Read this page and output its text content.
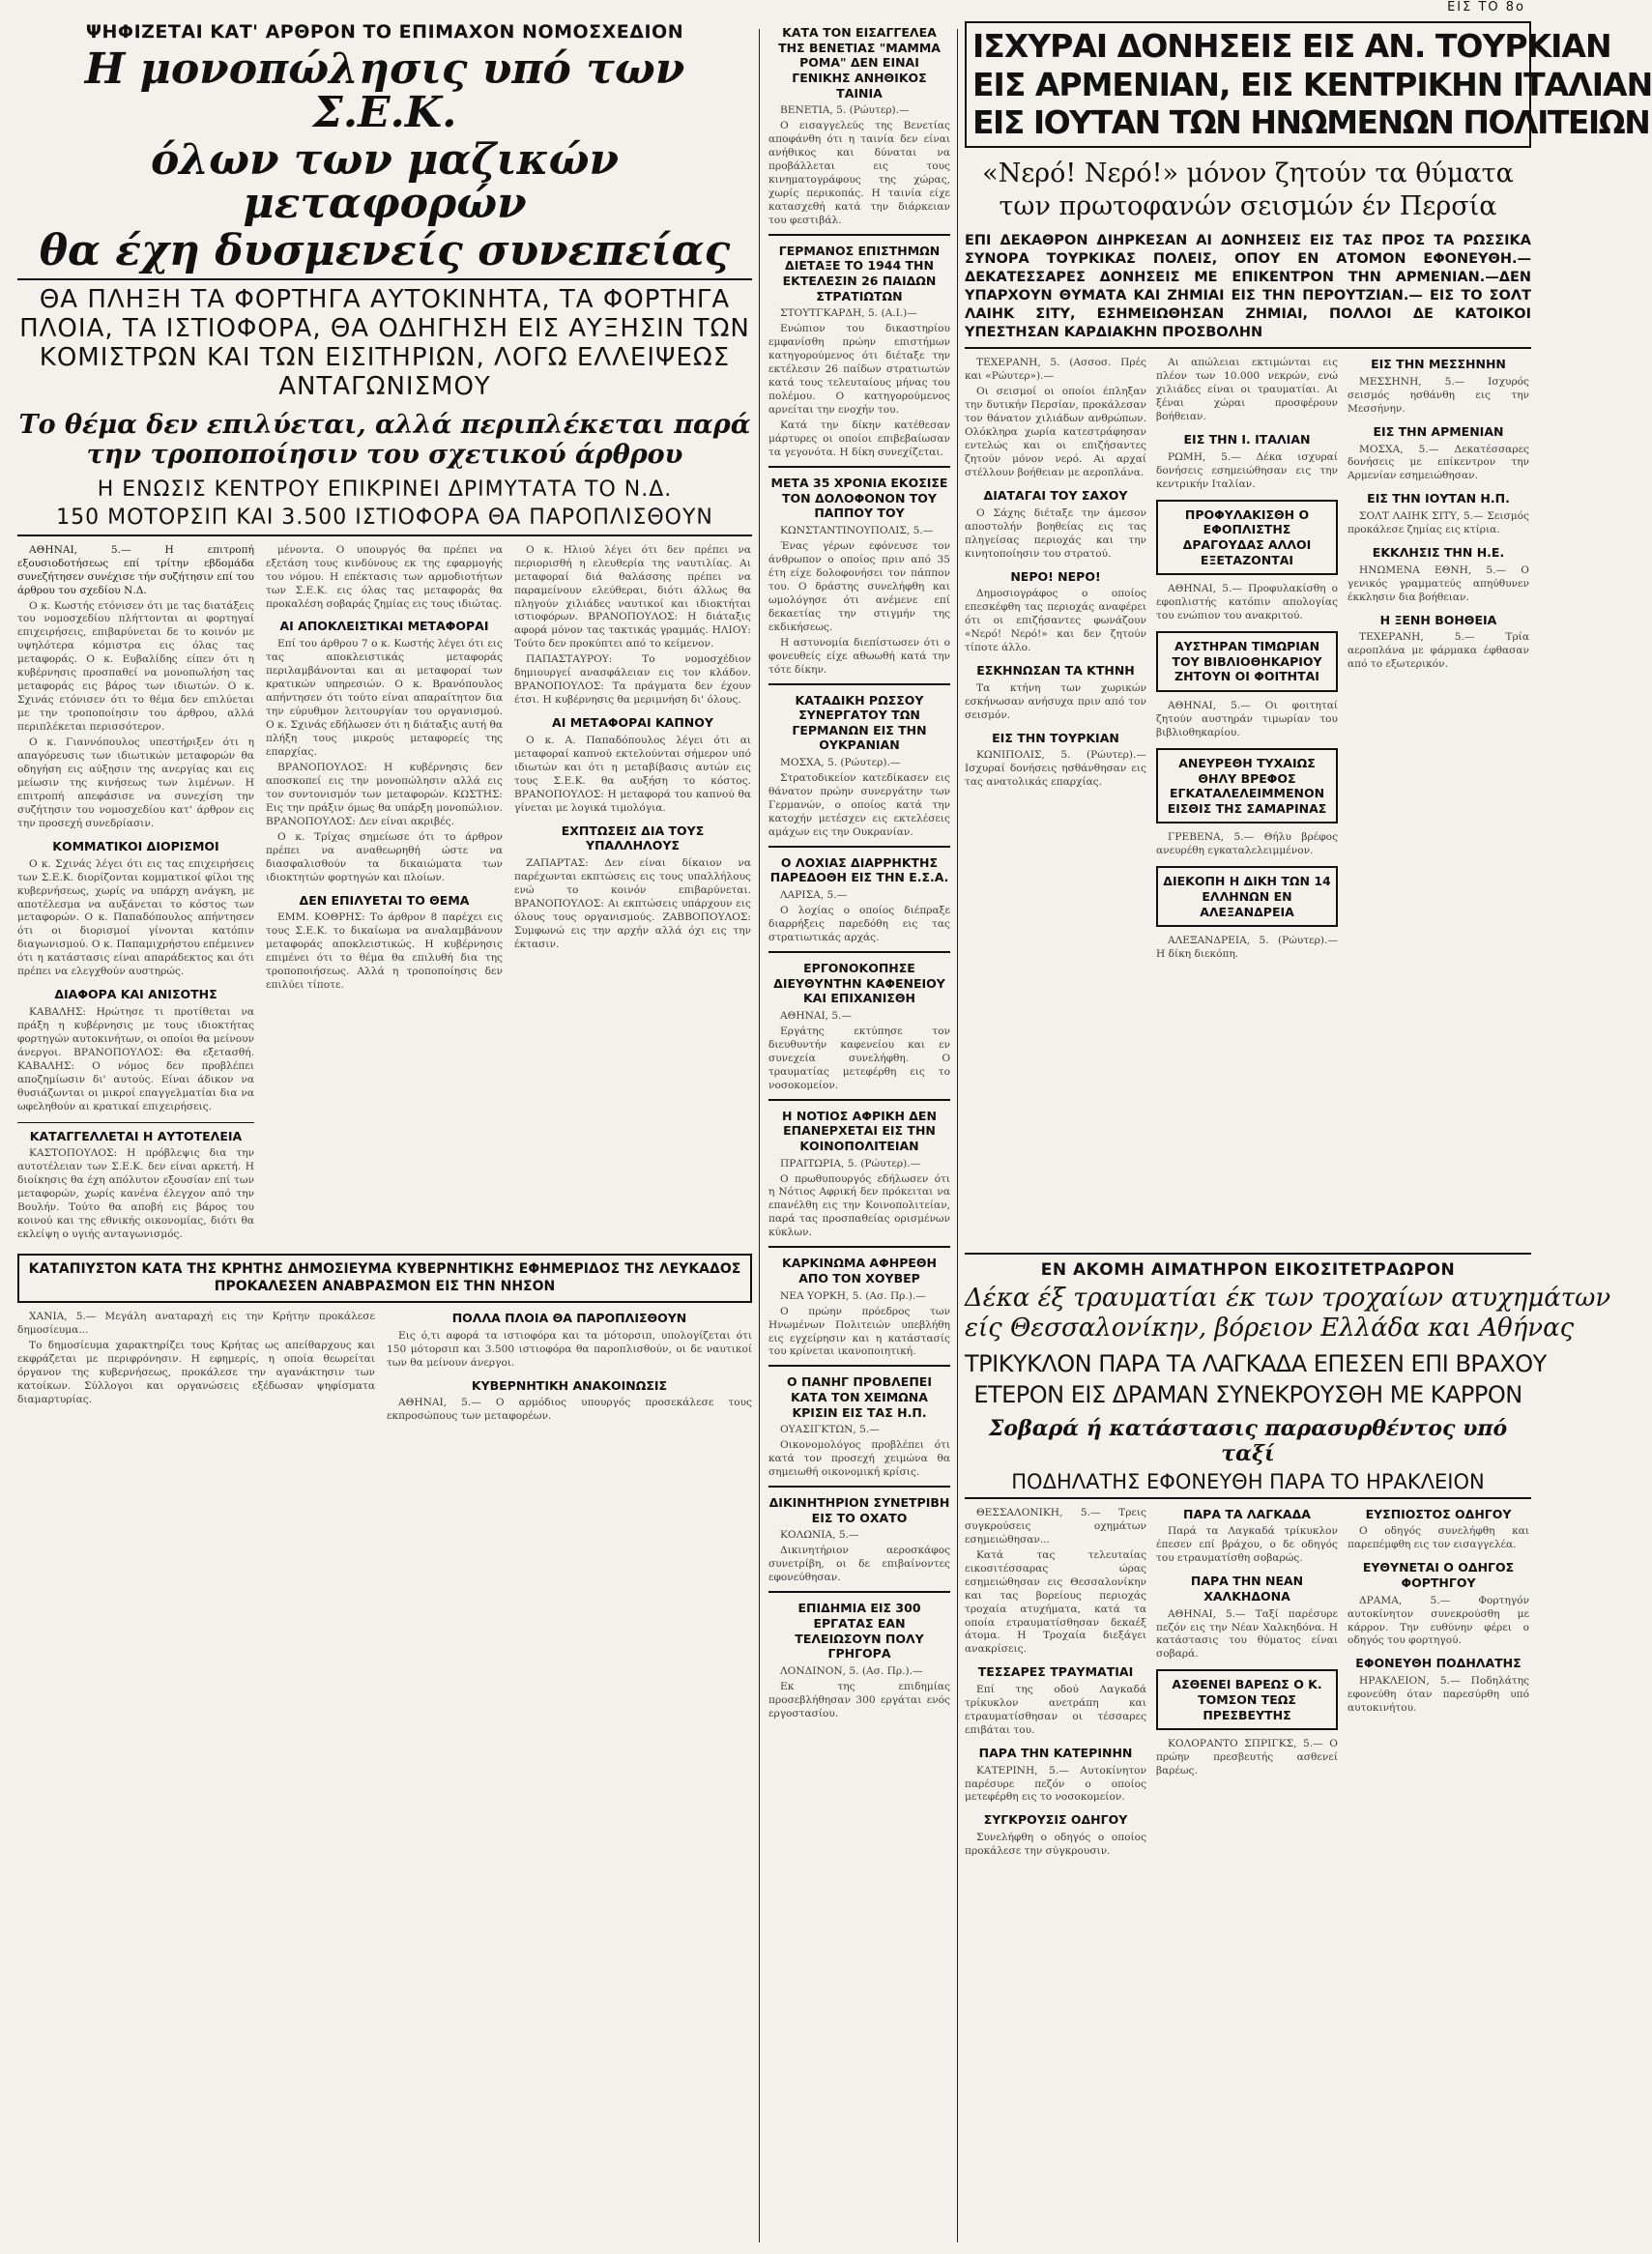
ΕΙΣ ΤΟ 8ο
ΨΗΦΙΖΕΤΑΙ ΚΑΤ' ΑΡΘΡΟΝ ΤΟ ΕΠΙΜΑΧΟΝ ΝΟΜΟΣΧΕΔΙΟΝ
Η μονοπώλησις υπό των Σ.Ε.Κ.
όλων των μαζικών μεταφορών
θα έχη δυσμενείς συνεπείας
ΘΑ ΠΛΗΞΗ ΤΑ ΦΟΡΤΗΓΑ ΑΥΤΟΚΙΝΗΤΑ, ΤΑ ΦΟΡΤΗΓΑ ΠΛΟΙΑ, ΤΑ ΙΣΤΙΟΦΟΡΑ, ΘΑ ΟΔΗΓΗΣΗ ΕΙΣ ΑΥΞΗΣΙΝ ΤΩΝ ΚΟΜΙΣΤΡΩΝ ΚΑΙ ΤΩΝ ΕΙΣΙΤΗΡΙΩΝ, ΛΟΓΩ ΕΛΛΕΙΨΕΩΣ ΑΝΤΑΓΩΝΙΣΜΟΥ
Το θέμα δεν επιλύεται, αλλά περιπλέκεται παρά την τροποποίησιν του σχετικού άρθρου
Η ΕΝΩΣΙΣ ΚΕΝΤΡΟΥ ΕΠΙΚΡΙΝΕΙ ΔΡΙΜΥΤΑΤΑ ΤΟ Ν.Δ.
150 ΜΟΤΟΡΣΙΠ ΚΑΙ 3.500 ΙΣΤΙΟΦΟΡΑ ΘΑ ΠΑΡΟΠΛΙΣΘΟΥΝ

ΑΘΗΝΑΙ, 5.— Η επιτροπή εξουσιοδοτήσεως επί τρίτην εβδομάδα συνεζήτησεν συνέχισε τήν συζήτησιν επί του άρθρου του σχεδίου Ν.Δ.

Ο κ. Κωστής ετόνισεν ότι με τας διατάξεις του νομοσχεδίου πλήττονται αι φορτηγαί επιχειρήσεις, επιβαρύνεται δε το κοινόν με υψηλότερα κόμιστρα εις όλας τας μεταφοράς. Ο κ. Ευβαλίδης είπεν ότι η κυβέρνησις προσπαθεί να μονοπωλήση τας μεταφοράς εις βάρος των ιδιωτών. Ο κ. Σχινάς ετόνισεν ότι το θέμα δεν επιλύεται με την τροποποίησιν του άρθρου, αλλά περιπλέκεται περισσότερον.

Ο κ. Γιαννόπουλος υπεστήριξεν ότι η απαγόρευσις των ιδιωτικών μεταφορών θα οδηγήση εις αύξησιν της ανεργίας και εις μείωσιν της κινήσεως των λιμένων. Η επιτροπή απεφάσισε να συνεχίση την συζήτησιν του νομοσχεδίου κατ' άρθρον εις την προσεχή συνεδρίασιν.

ΚΟΜΜΑΤΙΚΟΙ ΔΙΟΡΙΣΜΟΙ

Ο κ. Σχινάς λέγει ότι εις τας επιχειρήσεις των Σ.Ε.Κ. διορίζονται κομματικοί φίλοι της κυβερνήσεως, χωρίς να υπάρχη ανάγκη, με αποτέλεσμα να αυξάνεται το κόστος των μεταφορών. Ο κ. Παπαδόπουλος απήντησεν ότι οι διορισμοί γίνονται κατόπιν διαγωνισμού. Ο κ. Παπαμιχρήστου επέμεινεν ότι η κατάστασις είναι απαράδεκτος και ότι πρέπει να ελεγχθούν αυστηρώς.

ΔΙΑΦΟΡΑ ΚΑΙ ΑΝΙΣΟΤΗΣ

ΚΑΒΑΛΗΣ: Ηρώτησε τι προτίθεται να πράξη η κυβέρνησις με τους ιδιοκτήτας φορτηγών αυτοκινήτων, οι οποίοι θα μείνουν άνεργοι. ΒΡΑΝΟΠΟΥΛΟΣ: Θα εξετασθή. ΚΑΒΑΛΗΣ: Ο νόμος δεν προβλέπει αποζημίωσιν δι' αυτούς. Είναι άδικον να θυσιάζωνται οι μικροί επαγγελματίαι δια να ωφεληθούν αι κρατικαί επιχειρήσεις.

ΚΑΤΑΓΓΕΛΛΕΤΑΙ Η ΑΥΤΟΤΕΛΕΙΑ

ΚΑΣΤΟΠΟΥΛΟΣ: Η πρόβλεψις δια την αυτοτέλειαν των Σ.Ε.Κ. δεν είναι αρκετή. Η διοίκησις θα έχη απόλυτον εξουσίαν επί των μεταφορών, χωρίς κανένα έλεγχον από την Βουλήν. Τούτο θα αποβή εις βάρος του κοινού και της εθνικής οικονομίας, διότι θα εκλείψη ο υγιής ανταγωνισμός.

μένοντα. Ο υπουργός θα πρέπει να εξετάση τους κινδύνους εκ της εφαρμογής του νόμου. Η επέκτασις των αρμοδιοτήτων των Σ.Ε.Κ. εις όλας τας μεταφοράς θα προκαλέση σοβαράς ζημίας εις τους ιδιώτας.

ΑΙ ΑΠΟΚΛΕΙΣΤΙΚΑΙ ΜΕΤΑΦΟΡΑΙ

Επί του άρθρου 7 ο κ. Κωστής λέγει ότι εις τας αποκλειστικάς μεταφοράς περιλαμβάνονται και αι μεταφοραί των κρατικών υπηρεσιών. Ο κ. Βρανόπουλος απήντησεν ότι τούτο είναι απαραίτητον δια την εύρυθμον λειτουργίαν του οργανισμού. Ο κ. Σχινάς εδήλωσεν ότι η διάταξις αυτή θα πλήξη τους μικρούς μεταφορείς της επαρχίας.

ΒΡΑΝΟΠΟΥΛΟΣ: Η κυβέρνησις δεν αποσκοπεί εις την μονοπώλησιν αλλά εις τον συντονισμόν των μεταφορών. ΚΩΣΤΗΣ: Εις την πράξιν όμως θα υπάρξη μονοπώλιον. ΒΡΑΝΟΠΟΥΛΟΣ: Δεν είναι ακριβές.

Ο κ. Τρίχας σημείωσε ότι το άρθρον πρέπει να αναθεωρηθή ώστε να διασφαλισθούν τα δικαιώματα των ιδιοκτητών φορτηγών και πλοίων.

ΔΕΝ ΕΠΙΛΥΕΤΑΙ ΤΟ ΘΕΜΑ

ΕΜΜ. ΚΟΘΡΗΣ: Το άρθρον 8 παρέχει εις τους Σ.Ε.Κ. το δικαίωμα να αναλαμβάνουν μεταφοράς αποκλειστικώς. Η κυβέρνησις επιμένει ότι το θέμα θα επιλυθή δια της τροποποιήσεως. Αλλά η τροποποίησις δεν επιλύει τίποτε.

Ο κ. Ηλιού λέγει ότι δεν πρέπει να περιορισθή η ελευθερία της ναυτιλίας. Αι μεταφοραί διά θαλάσσης πρέπει να παραμείνουν ελεύθεραι, διότι άλλως θα πληγούν χιλιάδες ναυτικοί και ιδιοκτήται ιστιοφόρων. ΒΡΑΝΟΠΟΥΛΟΣ: Η διάταξις αφορά μόνον τας τακτικάς γραμμάς. ΗΛΙΟΥ: Τούτο δεν προκύπτει από το κείμενον.

ΠΑΠΑΣΤΑΥΡΟΥ: Το νομοσχέδιον δημιουργεί ανασφάλειαν εις τον κλάδον. ΒΡΑΝΟΠΟΥΛΟΣ: Τα πράγματα δεν έχουν έτσι. Η κυβέρνησις θα μεριμνήση δι' όλους.

ΑΙ ΜΕΤΑΦΟΡΑΙ ΚΑΠΝΟΥ

Ο κ. Α. Παπαδόπουλος λέγει ότι αι μεταφοραί καπνού εκτελούνται σήμερον υπό ιδιωτών και ότι η μεταβίβασις αυτών εις τους Σ.Ε.Κ. θα αυξήση το κόστος. ΒΡΑΝΟΠΟΥΛΟΣ: Η μεταφορά του καπνού θα γίνεται με λογικά τιμολόγια.

ΕΧΠΤΩΣΕΙΣ ΔΙΑ ΤΟΥΣ ΥΠΑΛΛΗΛΟΥΣ

ΖΑΠΑΡΤΑΣ: Δεν είναι δίκαιον να παρέχωνται εκπτώσεις εις τους υπαλλήλους ενώ το κοινόν επιβαρύνεται. ΒΡΑΝΟΠΟΥΛΟΣ: Αι εκπτώσεις υπάρχουν εις όλους τους οργανισμούς. ΖΑΒΒΟΠΟΥΛΟΣ: Συμφωνώ εις την αρχήν αλλά όχι εις την έκτασιν.

ΚΑΤΑΠΙΥΣΤΟΝ ΚΑΤΑ ΤΗΣ ΚΡΗΤΗΣ ΔΗΜΟΣΙΕΥΜΑ ΚΥΒΕΡΝΗΤΙΚΗΣ ΕΦΗΜΕΡΙΔΟΣ ΤΗΣ ΛΕΥΚΑΔΟΣ ΠΡΟΚΑΛΕΣΕΝ ΑΝΑΒΡΑΣΜΟΝ ΕΙΣ ΤΗΝ ΝΗΣΟΝ

ΧΑΝΙΑ, 5.— Μεγάλη αναταραχή εις την Κρήτην προκάλεσε δημοσίευμα...

Το δημοσίευμα χαρακτηρίζει τους Κρήτας ως απείθαρχους και εκφράζεται με περιφρόνησιν. Η εφημερίς, η οποία θεωρείται όργανον της κυβερνήσεως, προκάλεσε την αγανάκτησιν των κατοίκων. Σύλλογοι και οργανώσεις εξέδωσαν ψηφίσματα διαμαρτυρίας.

ΠΟΛΛΑ ΠΛΟΙΑ ΘΑ ΠΑΡΟΠΛΙΣΘΟΥΝ

Εις ό,τι αφορά τα ιστιοφόρα και τα μότορσιπ, υπολογίζεται ότι 150 μότορσιπ και 3.500 ιστιοφόρα θα παροπλισθούν, οι δε ναυτικοί των θα μείνουν άνεργοι.

ΚΥΒΕΡΝΗΤΙΚΗ ΑΝΑΚΟΙΝΩΣΙΣ

ΑΘΗΝΑΙ, 5.— Ο αρμόδιος υπουργός προσεκάλεσε τους εκπροσώπους των μεταφορέων.

ΚΑΤΑ ΤΟΝ ΕΙΣΑΓΓΕΛΕΑ ΤΗΣ ΒΕΝΕΤΙΑΣ "ΜΑΜΜΑ ΡΟΜΑ" ΔΕΝ ΕΙΝΑΙ ΓΕΝΙΚΗΣ ΑΝΗΘΙΚΟΣ ΤΑΙΝΙΑ

ΒΕΝΕΤΙΑ, 5. (Ρώυτερ).—

Ο εισαγγελεύς της Βενετίας αποφάνθη ότι η ταινία δεν είναι ανήθικος και δύναται να προβάλλεται εις τους κινηματογράφους της χώρας, χωρίς περικοπάς. Η ταινία είχε κατασχεθή κατά την διάρκειαν του φεστιβάλ.

ΓΕΡΜΑΝΟΣ ΕΠΙΣΤΗΜΩΝ ΔΙΕΤΑΞΕ ΤΟ 1944 ΤΗΝ ΕΚΤΕΛΕΣΙΝ 26 ΠΑΙΔΩΝ ΣΤΡΑΤΙΩΤΩΝ

ΣΤΟΥΤΓΚΑΡΔΗ, 5. (Α.Ι.)—

Ενώπιον του δικαστηρίου εμφανίσθη πρώην επιστήμων κατηγορούμενος ότι διέταξε την εκτέλεσιν 26 παίδων στρατιωτών κατά τους τελευταίους μήνας του πολέμου. Ο κατηγορούμενος αρνείται την ενοχήν του.

Κατά την δίκην κατέθεσαν μάρτυρες οι οποίοι επιβεβαίωσαν τα γεγονότα. Η δίκη συνεχίζεται.

ΜΕΤΑ 35 ΧΡΟΝΙΑ ΕΚΟΣΙΣΕ ΤΟΝ ΔΟΛΟΦΟΝΟΝ ΤΟΥ ΠΑΠΠΟΥ ΤΟΥ

ΚΩΝΣΤΑΝΤΙΝΟΥΠΟΛΙΣ, 5.—

Ένας γέρων εφόνευσε τον άνθρωπον ο οποίος πριν από 35 έτη είχε δολοφονήσει τον πάππον του. Ο δράστης συνελήφθη και ωμολόγησε ότι ανέμενε επί δεκαετίας την στιγμήν της εκδικήσεως.

Η αστυνομία διεπίστωσεν ότι ο φονευθείς είχε αθωωθή κατά την τότε δίκην.

ΚΑΤΑΔΙΚΗ ΡΩΣΣΟΥ ΣΥΝΕΡΓΑΤΟΥ ΤΩΝ ΓΕΡΜΑΝΩΝ ΕΙΣ ΤΗΝ ΟΥΚΡΑΝΙΑΝ

ΜΟΣΧΑ, 5. (Ρώυτερ).—

Στρατοδικείον κατεδίκασεν εις θάνατον πρώην συνεργάτην των Γερμανών, ο οποίος κατά την κατοχήν μετέσχεν εις εκτελέσεις αμάχων εις την Ουκρανίαν.

Ο ΛΟΧΙΑΣ ΔΙΑΡΡΗΚΤΗΣ ΠΑΡΕΔΟΘΗ ΕΙΣ ΤΗΝ Ε.Σ.Α.

ΛΑΡΙΣΑ, 5.—

Ο λοχίας ο οποίος διέπραξε διαρρήξεις παρεδόθη εις τας στρατιωτικάς αρχάς.

ΕΡΓΟΝΟΚΟΠΗΣΕ ΔΙΕΥΘΥΝΤΗΝ ΚΑΦΕΝΕΙΟΥ ΚΑΙ ΕΠΙΧΑΝΙΣΘΗ

ΑΘΗΝΑΙ, 5.—

Εργάτης εκτύπησε τον διευθυντήν καφενείου και εν συνεχεία συνελήφθη. Ο τραυματίας μετεφέρθη εις το νοσοκομείον.

Η ΝΟΤΙΟΣ ΑΦΡΙΚΗ ΔΕΝ ΕΠΑΝΕΡΧΕΤΑΙ ΕΙΣ ΤΗΝ ΚΟΙΝΟΠΟΛΙΤΕΙΑΝ

ΠΡΑΙΤΩΡΙΑ, 5. (Ρώυτερ).—

Ο πρωθυπουργός εδήλωσεν ότι η Νότιος Αφρική δεν πρόκειται να επανέλθη εις την Κοινοπολιτείαν, παρά τας προσπαθείας ορισμένων κύκλων.

ΚΑΡΚΙΝΩΜΑ ΑΦΗΡΕΘΗ ΑΠΟ ΤΟΝ ΧΟΥΒΕΡ

ΝΕΑ ΥΟΡΚΗ, 5. (Ασ. Πρ.).—

Ο πρώην πρόεδρος των Ηνωμένων Πολιτειών υπεβλήθη εις εγχείρησιν και η κατάστασίς του κρίνεται ικανοποιητική.

Ο ΠΑΝΗΓ ΠΡΟΒΛΕΠΕΙ ΚΑΤΑ ΤΟΝ ΧΕΙΜΩΝΑ ΚΡΙΣΙΝ ΕΙΣ ΤΑΣ Η.Π.

ΟΥΑΣΙΓΚΤΩΝ, 5.—

Οικονομολόγος προβλέπει ότι κατά τον προσεχή χειμώνα θα σημειωθή οικονομική κρίσις.

ΔΙΚΙΝΗΤΗΡΙΟΝ ΣΥΝΕΤΡΙΒΗ ΕΙΣ ΤΟ ΟΧΑΤΟ

ΚΟΛΩΝΙΑ, 5.—

Δικινητήριον αεροσκάφος συνετρίβη, οι δε επιβαίνοντες εφονεύθησαν.

ΕΠΙΔΗΜΙΑ ΕΙΣ 300 ΕΡΓΑΤΑΣ ΕΑΝ ΤΕΛΕΙΩΣΟΥΝ ΠΟΛΥ ΓΡΗΓΟΡΑ

ΛΟΝΔΙΝΟΝ, 5. (Ασ. Πρ.).—

Εκ της επιδημίας προσεβλήθησαν 300 εργάται ενός εργοστασίου.

ΙΣΧΥΡΑΙ ΔΟΝΗΣΕΙΣ ΕΙΣ ΑΝ. ΤΟΥΡΚΙΑΝ
ΕΙΣ ΑΡΜΕΝΙΑΝ, ΕΙΣ ΚΕΝΤΡΙΚΗΝ ΙΤΑΛΙΑΝ
ΕΙΣ ΙΟΥΤΑΝ ΤΩΝ ΗΝΩΜΕΝΩΝ ΠΟΛΙΤΕΙΩΝ
«Νερό! Νερό!» μόνον ζητούν τα θύματα των πρωτοφανών σεισμών έν Περσία
ΕΠΙ ΔΕΚΑΘΡΟΝ ΔΙΗΡΚΕΣΑΝ ΑΙ ΔΟΝΗΣΕΙΣ ΕΙΣ ΤΑΣ ΠΡΟΣ ΤΑ ΡΩΣΣΙΚΑ ΣΥΝΟΡΑ ΤΟΥΡΚΙΚΑΣ ΠΟΛΕΙΣ, ΟΠΟΥ ΕΝ ΑΤΟΜΟΝ ΕΦΟΝΕΥΘΗ.— ΔΕΚΑΤΕΣΣΑΡΕΣ ΔΟΝΗΣΕΙΣ ΜΕ ΕΠΙΚΕΝΤΡΟΝ ΤΗΝ ΑΡΜΕΝΙΑΝ.—ΔΕΝ ΥΠΑΡΧΟΥΝ ΘΥΜΑΤΑ ΚΑΙ ΖΗΜΙΑΙ ΕΙΣ ΤΗΝ ΠΕΡΟΥΤΖΙΑΝ.— ΕΙΣ ΤΟ ΣΟΛΤ ΛΑΙΗΚ ΣΙΤΥ, ΕΣΗΜΕΙΩΘΗΣΑΝ ΖΗΜΙΑΙ, ΠΟΛΛΟΙ ΔΕ ΚΑΤΟΙΚΟΙ ΥΠΕΣΤΗΣΑΝ ΚΑΡΔΙΑΚΗΝ ΠΡΟΣΒΟΛΗΝ

ΤΕΧΕΡΑΝΗ, 5. (Ασσοσ. Πρές και «Ρώυτερ»).—

Οι σεισμοί οι οποίοι έπληξαν την δυτικήν Περσίαν, προκάλεσαν τον θάνατον χιλιάδων ανθρώπων. Ολόκληρα χωρία κατεστράφησαν εντελώς και οι επιζήσαντες ζητούν μόνον νερό. Αι αρχαί στέλλουν βοήθειαν με αεροπλάνα.

ΔΙΑΤΑΓΑΙ ΤΟΥ ΣΑΧΟΥ

Ο Σάχης διέταξε την άμεσον αποστολήν βοηθείας εις τας πληγείσας περιοχάς και την κινητοποίησιν του στρατού.

ΝΕΡΟ! ΝΕΡΟ!

Δημοσιογράφος ο οποίος επεσκέφθη τας περιοχάς αναφέρει ότι οι επιζήσαντες φωνάζουν «Νερό! Νερό!» και δεν ζητούν τίποτε άλλο.

ΕΣΚΗΝΩΣΑΝ ΤΑ ΚΤΗΝΗ

Τα κτήνη των χωρικών εσκήνωσαν ανήσυχα πριν από τον σεισμόν.

ΕΙΣ ΤΗΝ ΤΟΥΡΚΙΑΝ

ΚΩΝΙΠΟΛΙΣ, 5. (Ρώυτερ).— Ισχυραί δονήσεις ησθάνθησαν εις τας ανατολικάς επαρχίας.

Αι απώλειαι εκτιμώνται εις πλέον των 10.000 νεκρών, ενώ χιλιάδες είναι οι τραυματίαι. Αι ξέναι χώραι προσφέρουν βοήθειαν.

ΕΙΣ ΤΗΝ Ι. ΙΤΑΛΙΑΝ

ΡΩΜΗ, 5.— Δέκα ισχυραί δονήσεις εσημειώθησαν εις την κεντρικήν Ιταλίαν.

ΠΡΟΦΥΛΑΚΙΣΘΗ Ο ΕΦΟΠΛΙΣΤΗΣ ΔΡΑΓΟΥΔΑΣ ΑΛΛΟΙ ΕΞΕΤΑΖΟΝΤΑΙ

ΑΘΗΝΑΙ, 5.— Προφυλακίσθη ο εφοπλιστής κατόπιν απολογίας του ενώπιον του ανακριτού.

ΑΥΣΤΗΡΑΝ ΤΙΜΩΡΙΑΝ ΤΟΥ ΒΙΒΛΙΟΘΗΚΑΡΙΟΥ ΖΗΤΟΥΝ ΟΙ ΦΟΙΤΗΤΑΙ

ΑΘΗΝΑΙ, 5.— Οι φοιτηταί ζητούν αυστηράν τιμωρίαν του βιβλιοθηκαρίου.

ΑΝΕΥΡΕΘΗ ΤΥΧΑΙΩΣ ΘΗΛΥ ΒΡΕΦΟΣ ΕΓΚΑΤΑΛΕΛΕΙΜΜΕΝΟΝ ΕΙΣΘΙΣ ΤΗΣ ΣΑΜΑΡΙΝΑΣ

ΓΡΕΒΕΝΑ, 5.— Θήλυ βρέφος ανευρέθη εγκαταλελειμμένον.

ΔΙΕΚΟΠΗ Η ΔΙΚΗ ΤΩΝ 14 ΕΛΛΗΝΩΝ ΕΝ ΑΛΕΞΑΝΔΡΕΙΑ

ΑΛΕΞΑΝΔΡΕΙΑ, 5. (Ρώυτερ).— Η δίκη διεκόπη.

ΕΙΣ ΤΗΝ ΜΕΣΣΗΝΗΝ

ΜΕΣΣΗΝΗ, 5.— Ισχυρός σεισμός ησθάνθη εις την Μεσσήνην.

ΕΙΣ ΤΗΝ ΑΡΜΕΝΙΑΝ

ΜΟΣΧΑ, 5.— Δεκατέσσαρες δονήσεις με επίκεντρον την Αρμενίαν εσημειώθησαν.

ΕΙΣ ΤΗΝ ΙΟΥΤΑΝ Η.Π.

ΣΟΛΤ ΛΑΙΗΚ ΣΙΤΥ, 5.— Σεισμός προκάλεσε ζημίας εις κτίρια.

ΕΚΚΛΗΣΙΣ ΤΗΝ Η.Ε.

ΗΝΩΜΕΝΑ ΕΘΝΗ, 5.— Ο γενικός γραμματεύς απηύθυνεν έκκλησιν δια βοήθειαν.

Η ΞΕΝΗ ΒΟΗΘΕΙΑ

ΤΕΧΕΡΑΝΗ, 5.— Τρία αεροπλάνα με φάρμακα έφθασαν από το εξωτερικόν.

ΕΝ ΑΚΟΜΗ ΑΙΜΑΤΗΡΟΝ ΕΙΚΟΣΙΤΕΤΡΑΩΡΟΝ
Δέκα έξ τραυματίαι έκ των τροχαίων ατυχημάτων
είς Θεσσαλονίκην, βόρειον Ελλάδα και Αθήνας
ΤΡΙΚΥΚΛΟΝ ΠΑΡΑ ΤΑ ΛΑΓΚΑΔΑ ΕΠΕΣΕΝ ΕΠΙ ΒΡΑΧΟΥ
ΕΤΕΡΟΝ ΕΙΣ ΔΡΑΜΑΝ ΣΥΝΕΚΡΟΥΣΘΗ ΜΕ ΚΑΡΡΟΝ
Σοβαρά ή κατάστασις παρασυρθέντος υπό ταξί
ΠΟΔΗΛΑΤΗΣ ΕΦΟΝΕΥΘΗ ΠΑΡΑ ΤΟ ΗΡΑΚΛΕΙΟΝ

ΘΕΣΣΑΛΟΝΙΚΗ, 5.— Τρεις συγκρούσεις οχημάτων εσημειώθησαν...

Κατά τας τελευταίας εικοσιτέσσαρας ώρας εσημειώθησαν εις Θεσσαλονίκην και τας βορείους περιοχάς τροχαία ατυχήματα, κατά τα οποία ετραυματίσθησαν δεκαέξ άτομα. Η Τροχαία διεξάγει ανακρίσεις.

ΤΕΣΣΑΡΕΣ ΤΡΑΥΜΑΤΙΑΙ

Επί της οδού Λαγκαδά τρίκυκλον ανετράπη και ετραυματίσθησαν οι τέσσαρες επιβάται του.

ΠΑΡΑ ΤΗΝ ΚΑΤΕΡΙΝΗΝ

ΚΑΤΕΡΙΝΗ, 5.— Αυτοκίνητον παρέσυρε πεζόν ο οποίος μετεφέρθη εις το νοσοκομείον.

ΣΥΓΚΡΟΥΣΙΣ ΟΔΗΓΟΥ

Συνελήφθη ο οδηγός ο οποίος προκάλεσε την σύγκρουσιν.

ΠΑΡΑ ΤΑ ΛΑΓΚΑΔΑ

Παρά τα Λαγκαδά τρίκυκλον έπεσεν επί βράχου, ο δε οδηγός του ετραυματίσθη σοβαρώς.

ΠΑΡΑ ΤΗΝ ΝΕΑΝ ΧΑΛΚΗΔΟΝΑ

ΑΘΗΝΑΙ, 5.— Ταξί παρέσυρε πεζόν εις την Νέαν Χαλκηδόνα. Η κατάστασις του θύματος είναι σοβαρά.

ΑΣΘΕΝΕΙ ΒΑΡΕΩΣ Ο Κ. ΤΟΜΣΟΝ ΤΕΩΣ ΠΡΕΣΒΕΥΤΗΣ

ΚΟΛΟΡΑΝΤΟ ΣΠΡΙΓΚΣ, 5.— Ο πρώην πρεσβευτής ασθενεί βαρέως.

ΕΥΣΠΙΟΣΤΟΣ ΟΔΗΓΟΥ

Ο οδηγός συνελήφθη και παρεπέμφθη εις τον εισαγγελέα.

ΕΥΘΥΝΕΤΑΙ Ο ΟΔΗΓΟΣ ΦΟΡΤΗΓΟΥ

ΔΡΑΜΑ, 5.— Φορτηγόν αυτοκίνητον συνεκρούσθη με κάρρον. Την ευθύνην φέρει ο οδηγός του φορτηγού.

ΕΦΟΝΕΥΘΗ ΠΟΔΗΛΑΤΗΣ

ΗΡΑΚΛΕΙΟΝ, 5.— Ποδηλάτης εφονεύθη όταν παρεσύρθη υπό αυτοκινήτου.
